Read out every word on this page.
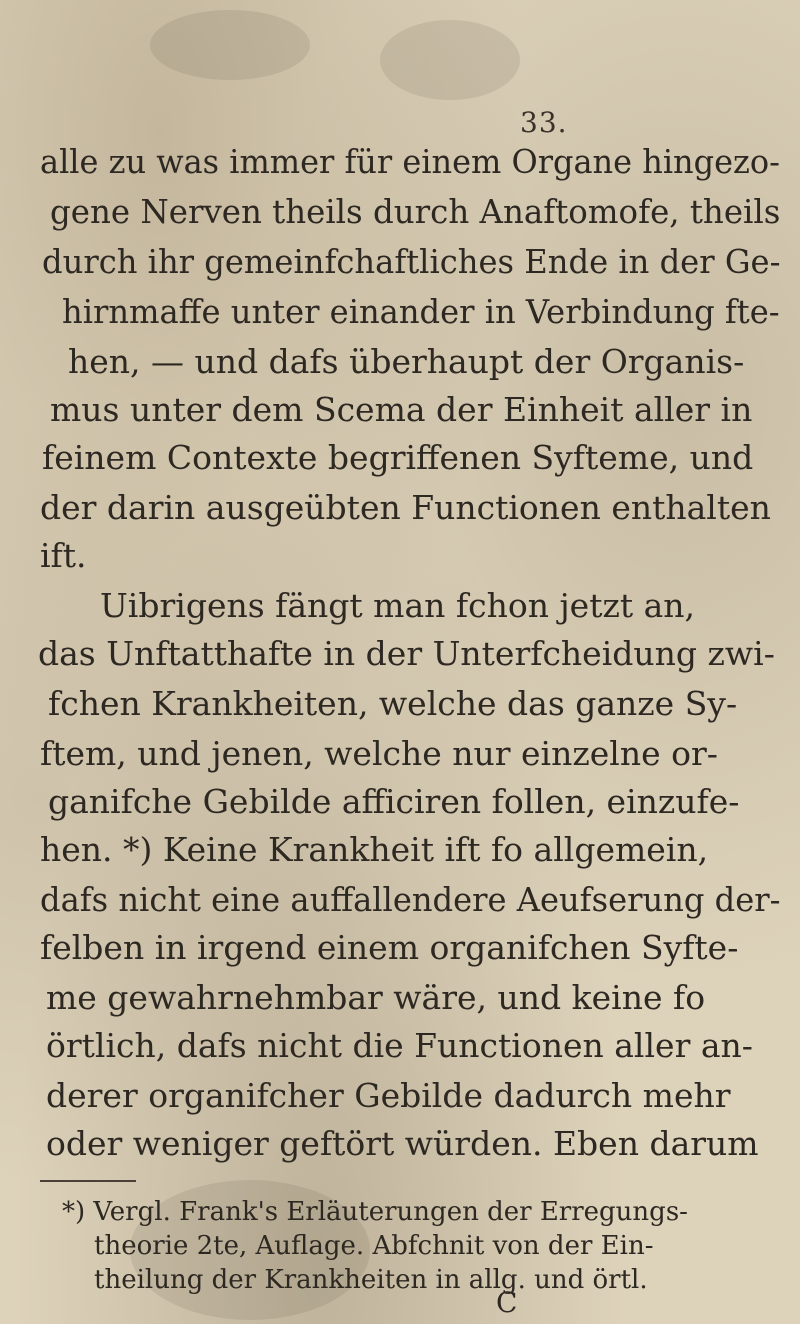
33.
alle zu was immer für einem Organe hingezo-
gene Nerven theils durch Anaftomofe, theils
durch ihr gemeinfchaftliches Ende in der Ge-
hirnmaffe unter einander in Verbindung fte-
hen, — und dafs überhaupt der Organis-
mus unter dem Scema der Einheit aller in
feinem Contexte begriffenen Syfteme, und
der darin ausgeübten Functionen enthalten
ift.
Uibrigens fängt man fchon jetzt an,
das Unftatthafte in der Unterfcheidung zwi-
fchen Krankheiten, welche das ganze Sy-
ftem, und jenen, welche nur einzelne or-
ganifche Gebilde afficiren follen, einzufe-
hen. *) Keine Krankheit ift fo allgemein,
dafs nicht eine auffallendere Aeufserung der-
felben in irgend einem organifchen Syfte-
me gewahrnehmbar wäre, und keine fo
örtlich, dafs nicht die Functionen aller an-
derer organifcher Gebilde dadurch mehr
oder weniger geftört würden. Eben darum
*) Vergl. Frank's Erläuterungen der Erregungs-
theorie 2te, Auflage. Abfchnit von der Ein-
theilung der Krankheiten in allg. und örtl.
C
